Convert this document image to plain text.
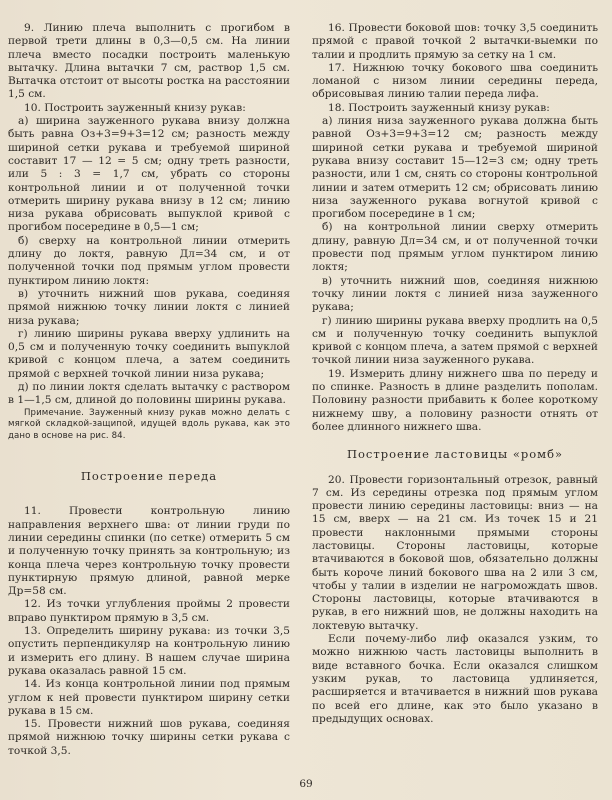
9. Линию плеча выполнить с прогибом в первой трети длины в 0,3—0,5 см. На линии плеча вместо посадки построить маленькую вытачку. Длина вытачки 7 см, раствор 1,5 см. Вытачка отстоит от высоты ростка на расстоянии 1,5 см.

10. Построить зауженный книзу рукав:

а) ширина зауженного рукава внизу должна быть равна Оз+3=9+3=12 см; разность между шириной сетки рукава и требуемой шириной составит 17 — 12 = 5 см; одну треть разности, или 5 : 3 = 1,7 см, убрать со стороны контрольной линии и от полученной точки отмерить ширину рукава внизу в 12 см; линию низа рукава обрисовать выпуклой кривой с прогибом посередине в 0,5—1 см;

б) сверху на контрольной линии отмерить длину до локтя, равную Дл=34 см, и от полученной точки под прямым углом провести пунктиром линию локтя:

в) уточнить нижний шов рукава, соединяя прямой нижнюю точку линии локтя с линией низа рукава;

г) линию ширины рукава вверху удлинить на 0,5 см и полученную точку соединить выпуклой кривой с концом плеча, а затем соединить прямой с верхней точкой линии низа рукава;

д) по линии локтя сделать вытачку с раствором в 1—1,5 см, длиной до половины ширины рукава.

Примечание. Зауженный книзу рукав можно делать с мягкой складкой-защипой, идущей вдоль рукава, как это дано в основе на рис. 84.

Построение переда

11. Провести контрольную линию направления верхнего шва: от линии груди по линии середины спинки (по сетке) отмерить 5 см и полученную точку принять за контрольную; из конца плеча через контрольную точку провести пунктирную прямую длиной, равной мерке Др=58 см.

12. Из точки углубления проймы 2 провести вправо пунктиром прямую в 3,5 см.

13. Определить ширину рукава: из точки 3,5 опустить перпендикуляр на контрольную линию и измерить его длину. В нашем случае ширина рукава оказалась равной 15 см.

14. Из конца контрольной линии под прямым углом к ней провести пунктиром ширину сетки рукава в 15 см.

15. Провести нижний шов рукава, соединяя прямой нижнюю точку ширины сетки рукава с точкой 3,5.

16. Провести боковой шов: точку 3,5 соединить прямой с правой точкой 2 вытачки-выемки по талии и продлить прямую за сетку на 1 см.

17. Нижнюю точку бокового шва соединить ломаной с низом линии середины переда, обрисовывая линию талии переда лифа.

18. Построить зауженный книзу рукав:

а) линия низа зауженного рукава должна быть равной Оз+3=9+3=12 см; разность между шириной сетки рукава и требуемой шириной рукава внизу составит 15—12=3 см; одну треть разности, или 1 см, снять со стороны контрольной линии и затем отмерить 12 см; обрисовать линию низа зауженного рукава вогнутой кривой с прогибом посередине в 1 см;

б) на контрольной линии сверху отмерить длину, равную Дл=34 см, и от полученной точки провести под прямым углом пунктиром линию локтя;

в) уточнить нижний шов, соединяя нижнюю точку линии локтя с линией низа зауженного рукава;

г) линию ширины рукава вверху продлить на 0,5 см и полученную точку соединить выпуклой кривой с концом плеча, а затем прямой с верхней точкой линии низа зауженного рукава.

19. Измерить длину нижнего шва по переду и по спинке. Разность в длине разделить пополам. Половину разности прибавить к более короткому нижнему шву, а половину разности отнять от более длинного нижнего шва.

Построение ластовицы «ромб»

20. Провести горизонтальный отрезок, равный 7 см. Из середины отрезка под прямым углом провести линию середины ластовицы: вниз — на 15 см, вверх — на 21 см. Из точек 15 и 21 провести наклонными прямыми стороны ластовицы. Стороны ластовицы, которые втачиваются в боковой шов, обязательно должны быть короче линий бокового шва на 2 или 3 см, чтобы у талии в изделии не нагромождать швов. Стороны ластовицы, которые втачиваются в рукав, в его нижний шов, не должны находить на локтевую вытачку.

Если почему-либо лиф оказался узким, то можно нижнюю часть ластовицы выполнить в виде вставного бочка. Если оказался слишком узким рукав, то ластовица удлиняется, расширяется и втачивается в нижний шов рукава по всей его длине, как это было указано в предыдущих основах.

69
